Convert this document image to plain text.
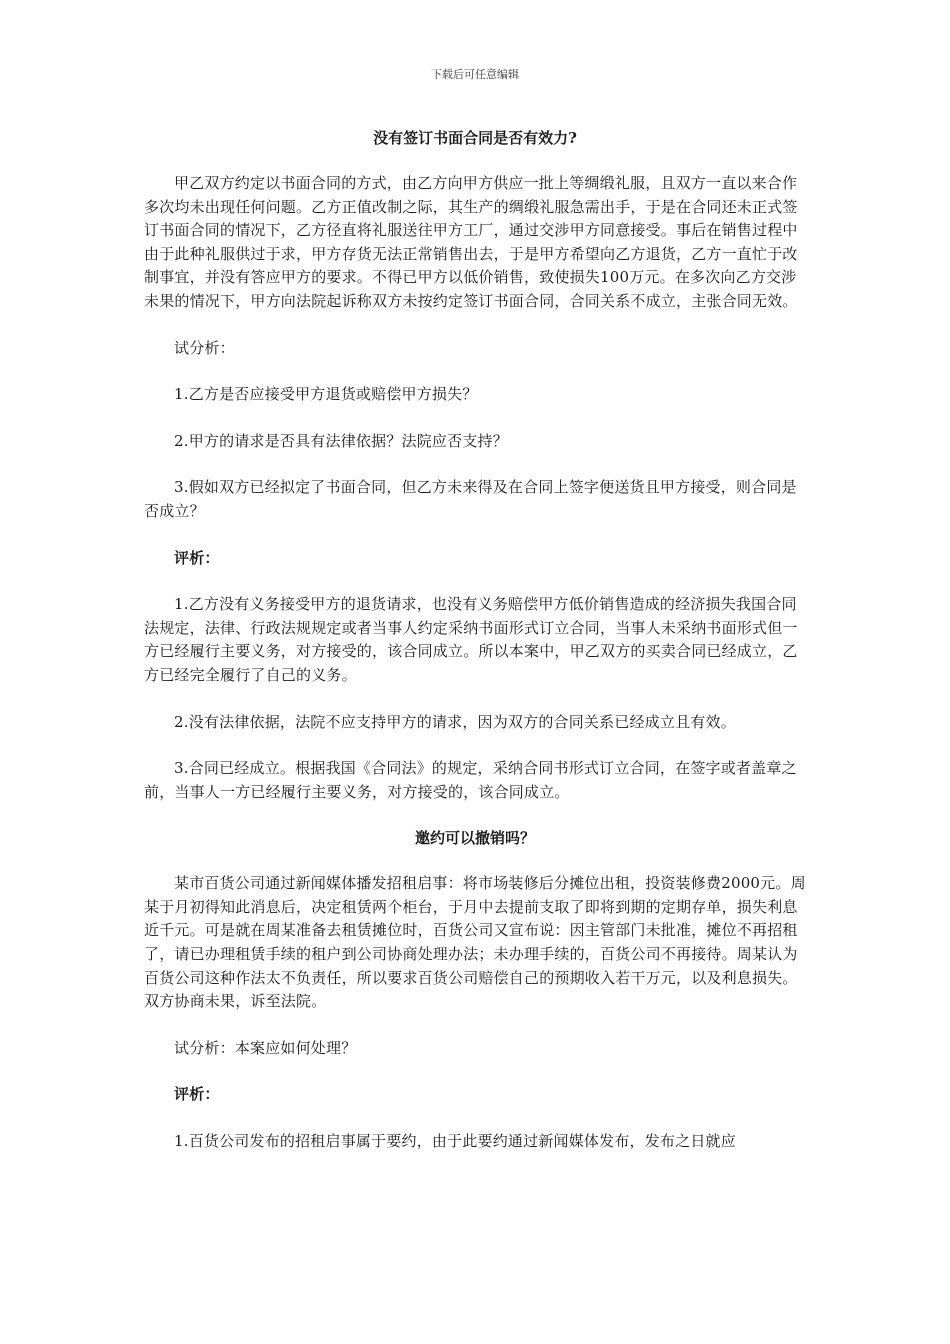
下载后可任意编辑
没有签订书面合同是否有效力?

甲乙双方约定以书面合同的方式，由乙方向甲方供应一批上等绸缎礼服，且双方一直以来合作多次均未出现任何问题。乙方正值改制之际，其生产的绸缎礼服急需出手，于是在合同还未正式签订书面合同的情况下，乙方径直将礼服送往甲方工厂，通过交涉甲方同意接受。事后在销售过程中由于此种礼服供过于求，甲方存货无法正常销售出去，于是甲方希望向乙方退货，乙方一直忙于改制事宜，并没有答应甲方的要求。不得已甲方以低价销售，致使损失100万元。在多次向乙方交涉未果的情况下，甲方向法院起诉称双方未按约定签订书面合同，合同关系不成立，主张合同无效。

试分析：

1.乙方是否应接受甲方退货或赔偿甲方损失？

2.甲方的请求是否具有法律依据？法院应否支持？

3.假如双方已经拟定了书面合同，但乙方未来得及在合同上签字便送货且甲方接受，则合同是否成立？

评析：

1.乙方没有义务接受甲方的退货请求，也没有义务赔偿甲方低价销售造成的经济损失我国合同法规定，法律、行政法规规定或者当事人约定采纳书面形式订立合同，当事人未采纳书面形式但一方已经履行主要义务，对方接受的，该合同成立。所以本案中，甲乙双方的买卖合同已经成立，乙方已经完全履行了自己的义务。

2.没有法律依据，法院不应支持甲方的请求，因为双方的合同关系已经成立且有效。

3.合同已经成立。根据我国《合同法》的规定，采纳合同书形式订立合同，在签字或者盖章之前，当事人一方已经履行主要义务，对方接受的，该合同成立。

邀约可以撤销吗？

某市百货公司通过新闻媒体播发招租启事：将市场装修后分摊位出租，投资装修费2000元。周某于月初得知此消息后，决定租赁两个柜台，于月中去提前支取了即将到期的定期存单，损失利息近千元。可是就在周某准备去租赁摊位时，百货公司又宣布说：因主管部门未批准，摊位不再招租了，请已办理租赁手续的租户到公司协商处理办法；未办理手续的，百货公司不再接待。周某认为百货公司这种作法太不负责任，所以要求百货公司赔偿自己的预期收入若干万元，以及利息损失。双方协商未果，诉至法院。

试分析：本案应如何处理？

评析：

1.百货公司发布的招租启事属于要约，由于此要约通过新闻媒体发布，发布之日就应
